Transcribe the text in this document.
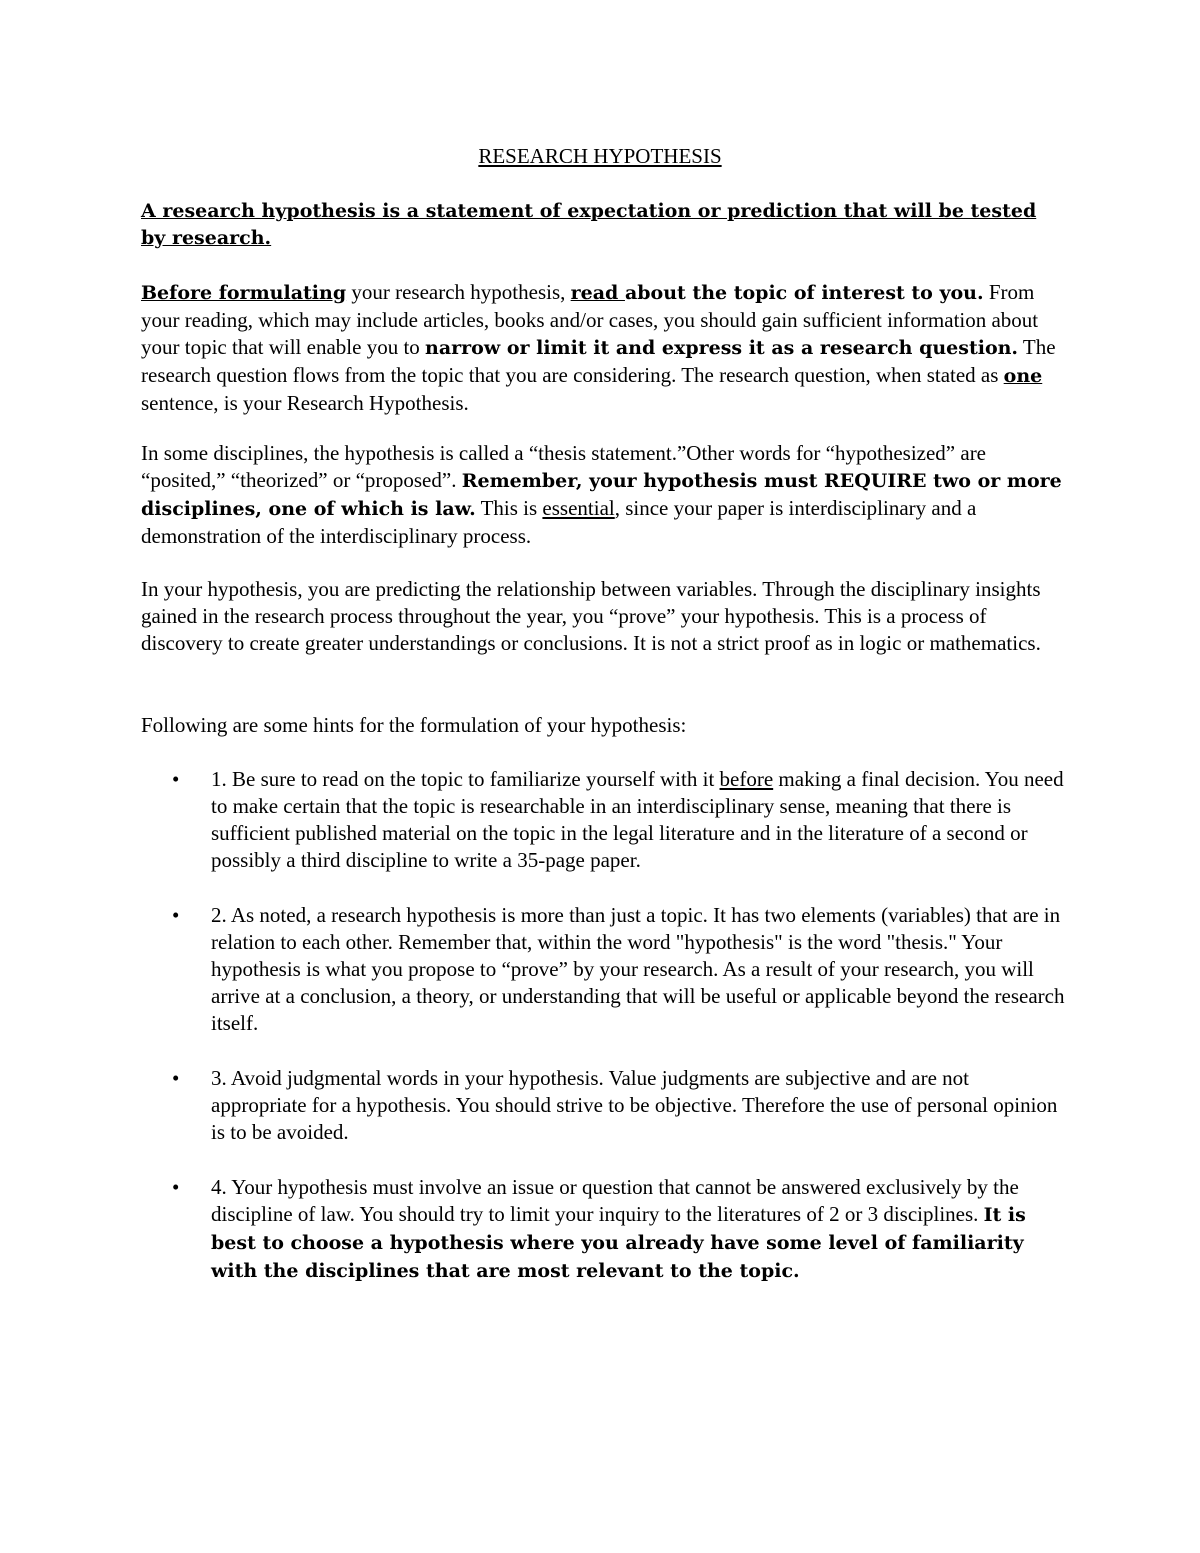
RESEARCH HYPOTHESIS

A research hypothesis is a statement of expectation or prediction that will be tested by research.

Before formulating your research hypothesis, read about the topic of interest to you. From your reading, which may include articles, books and/or cases, you should gain sufficient information about your topic that will enable you to narrow or limit it and express it as a research question. The research question flows from the topic that you are considering. The research question, when stated as one sentence, is your Research Hypothesis.

In some disciplines, the hypothesis is called a “thesis statement.”Other words for “hypothesized” are “posited,” “theorized” or “proposed”. Remember, your hypothesis must REQUIRE two or more disciplines, one of which is law. This is essential, since your paper is interdisciplinary and a demonstration of the interdisciplinary process.

In your hypothesis, you are predicting the relationship between variables. Through the disciplinary insights gained in the research process throughout the year, you “prove” your hypothesis. This is a process of discovery to create greater understandings or conclusions. It is not a strict proof as in logic or mathematics.

Following are some hints for the formulation of your hypothesis:

• 1. Be sure to read on the topic to familiarize yourself with it before making a final decision. You need to make certain that the topic is researchable in an interdisciplinary sense, meaning that there is sufficient published material on the topic in the legal literature and in the literature of a second or possibly a third discipline to write a 35-page paper.
• 2. As noted, a research hypothesis is more than just a topic. It has two elements (variables) that are in relation to each other. Remember that, within the word "hypothesis" is the word "thesis." Your hypothesis is what you propose to “prove” by your research. As a result of your research, you will arrive at a conclusion, a theory, or understanding that will be useful or applicable beyond the research itself.
• 3. Avoid judgmental words in your hypothesis. Value judgments are subjective and are not appropriate for a hypothesis. You should strive to be objective. Therefore the use of personal opinion is to be avoided.
• 4. Your hypothesis must involve an issue or question that cannot be answered exclusively by the discipline of law. You should try to limit your inquiry to the literatures of 2 or 3 disciplines. It is best to choose a hypothesis where you already have some level of familiarity with the disciplines that are most relevant to the topic.
